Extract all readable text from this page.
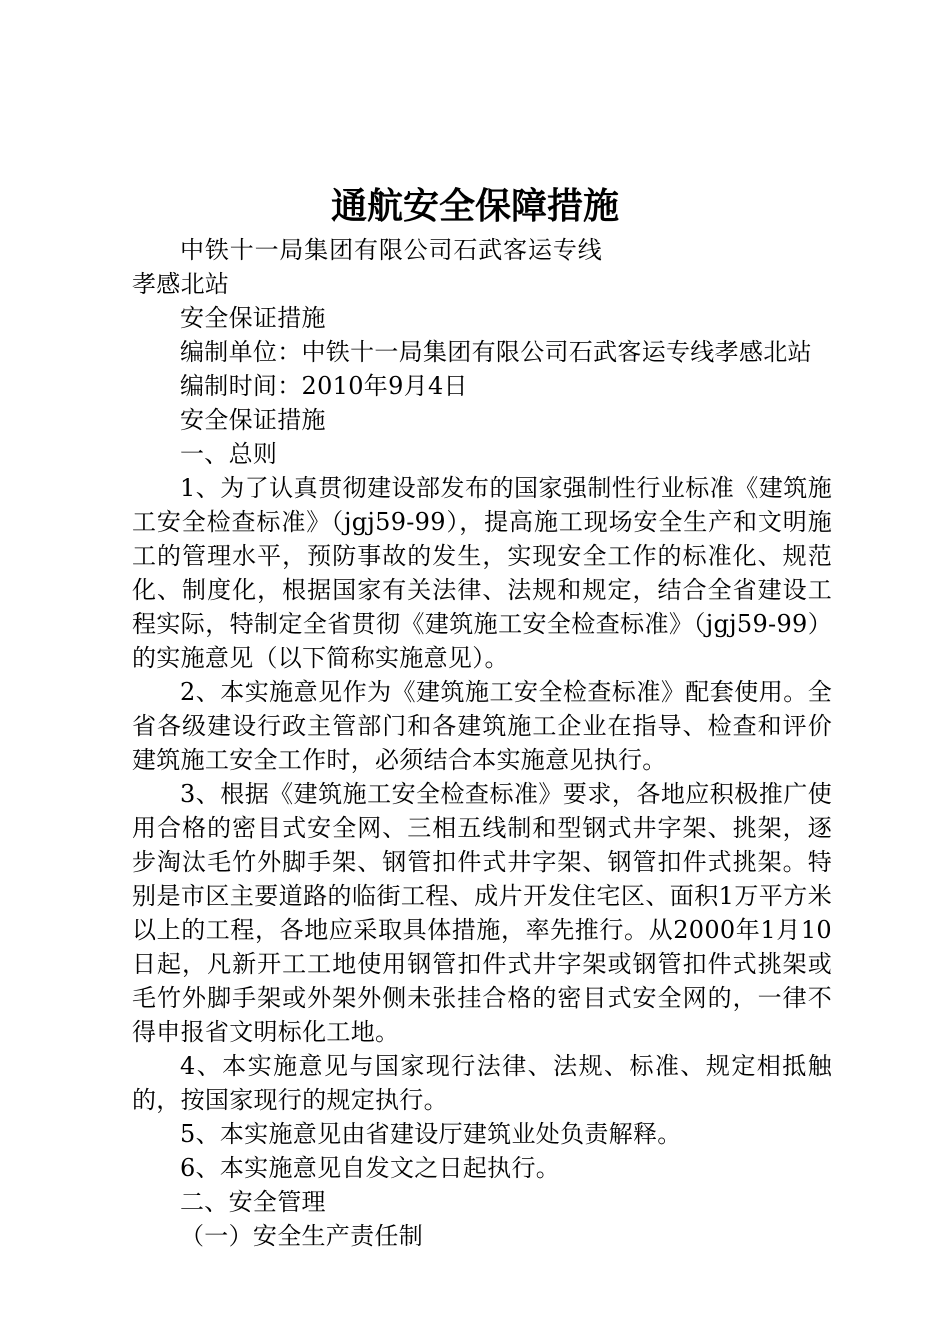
通航安全保障措施

中铁十一局集团有限公司石武客运专线孝感北站

安全保证措施

编制单位：中铁十一局集团有限公司石武客运专线孝感北站

编制时间：2010年9月4日

安全保证措施

一、总则

1、为了认真贯彻建设部发布的国家强制性行业标准《建筑施工安全检查标准》（jgj59-99），提高施工现场安全生产和文明施工的管理水平，预防事故的发生，实现安全工作的标准化、规范化、制度化，根据国家有关法律、法规和规定，结合全省建设工程实际，特制定全省贯彻《建筑施工安全检查标准》（jgj59-99）的实施意见（以下简称实施意见）。

2、本实施意见作为《建筑施工安全检查标准》配套使用。全省各级建设行政主管部门和各建筑施工企业在指导、检查和评价建筑施工安全工作时，必须结合本实施意见执行。

3、根据《建筑施工安全检查标准》要求，各地应积极推广使用合格的密目式安全网、三相五线制和型钢式井字架、挑架，逐步淘汰毛竹外脚手架、钢管扣件式井字架、钢管扣件式挑架。特别是市区主要道路的临街工程、成片开发住宅区、面积1万平方米以上的工程，各地应采取具体措施，率先推行。从2000年1月10日起，凡新开工工地使用钢管扣件式井字架或钢管扣件式挑架或毛竹外脚手架或外架外侧未张挂合格的密目式安全网的，一律不得申报省文明标化工地。

4、本实施意见与国家现行法律、法规、标准、规定相抵触的，按国家现行的规定执行。

5、本实施意见由省建设厅建筑业处负责解释。

6、本实施意见自发文之日起执行。

二、安全管理

（一）安全生产责任制
